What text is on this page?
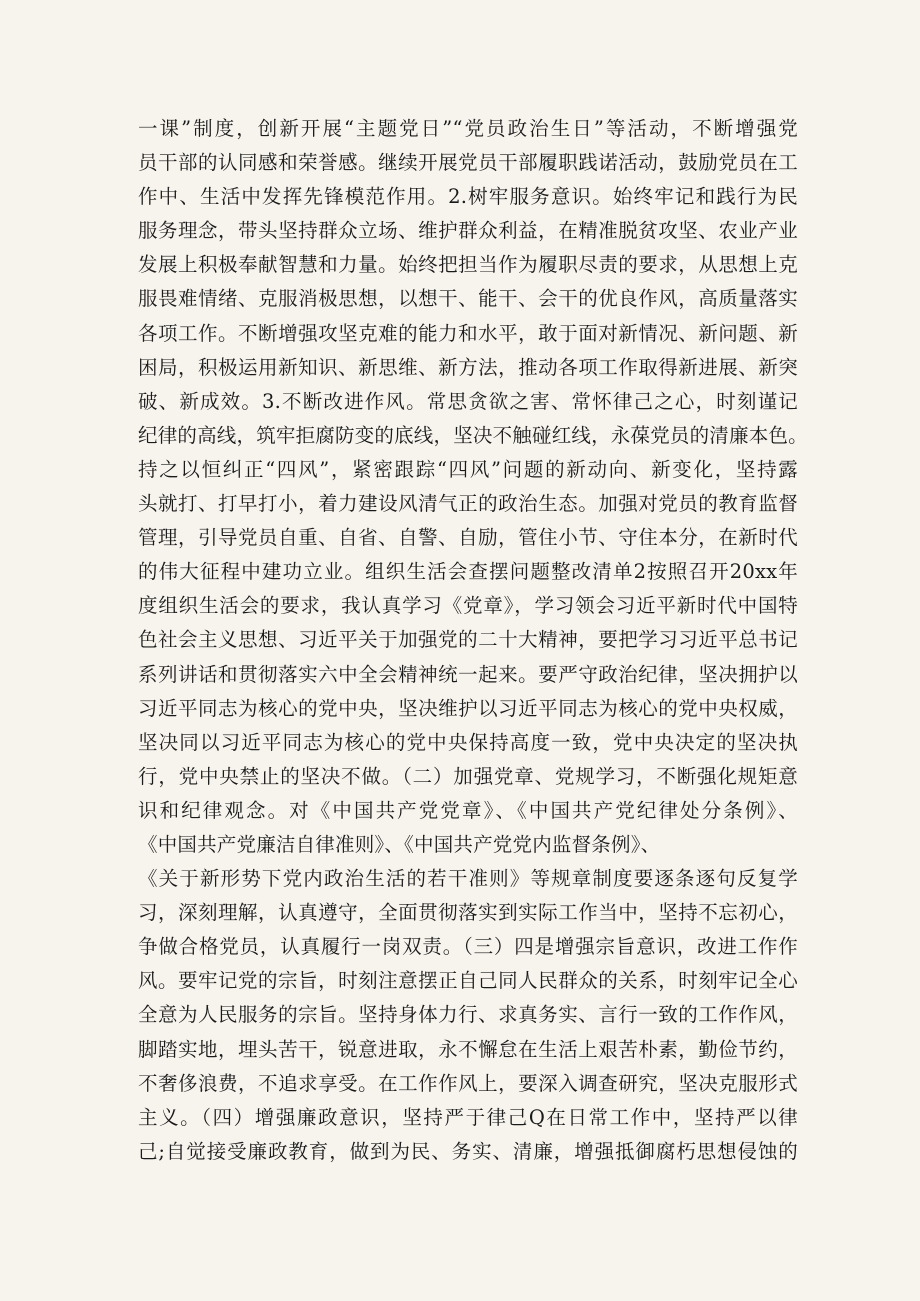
一课”制度，创新开展“主题党日”“党员政治生日”等活动，不断增强党
员干部的认同感和荣誉感。继续开展党员干部履职践诺活动，鼓励党员在工
作中、生活中发挥先锋模范作用。2.树牢服务意识。始终牢记和践行为民
服务理念，带头坚持群众立场、维护群众利益，在精准脱贫攻坚、农业产业
发展上积极奉献智慧和力量。始终把担当作为履职尽责的要求，从思想上克
服畏难情绪、克服消极思想，以想干、能干、会干的优良作风，高质量落实
各项工作。不断增强攻坚克难的能力和水平，敢于面对新情况、新问题、新
困局，积极运用新知识、新思维、新方法，推动各项工作取得新进展、新突
破、新成效。3.不断改进作风。常思贪欲之害、常怀律己之心，时刻谨记
纪律的高线，筑牢拒腐防变的底线，坚决不触碰红线，永葆党员的清廉本色。
持之以恒纠正“四风”，紧密跟踪“四风”问题的新动向、新变化，坚持露
头就打、打早打小，着力建设风清气正的政治生态。加强对党员的教育监督
管理，引导党员自重、自省、自警、自励，管住小节、守住本分，在新时代
的伟大征程中建功立业。组织生活会查摆问题整改清单2按照召开20xx年
度组织生活会的要求，我认真学习《党章》，学习领会习近平新时代中国特
色社会主义思想、习近平关于加强党的二十大精神，要把学习习近平总书记
系列讲话和贯彻落实六中全会精神统一起来。要严守政治纪律，坚决拥护以
习近平同志为核心的党中央，坚决维护以习近平同志为核心的党中央权威，
坚决同以习近平同志为核心的党中央保持高度一致，党中央决定的坚决执
行，党中央禁止的坚决不做。（二）加强党章、党规学习，不断强化规矩意
识和纪律观念。对《中国共产党党章》、《中国共产党纪律处分条例》、
《中国共产党廉洁自律准则》、《中国共产党党内监督条例》、
《关于新形势下党内政治生活的若干准则》等规章制度要逐条逐句反复学
习，深刻理解，认真遵守，全面贯彻落实到实际工作当中，坚持不忘初心，
争做合格党员，认真履行一岗双责。（三）四是增强宗旨意识，改进工作作
风。要牢记党的宗旨，时刻注意摆正自己同人民群众的关系，时刻牢记全心
全意为人民服务的宗旨。坚持身体力行、求真务实、言行一致的工作作风，
脚踏实地，埋头苦干，锐意进取，永不懈怠在生活上艰苦朴素，勤俭节约，
不奢侈浪费，不追求享受。在工作作风上，要深入调查研究，坚决克服形式
主义。（四）增强廉政意识，坚持严于律己Q在日常工作中，坚持严以律
己;自觉接受廉政教育，做到为民、务实、清廉，增强抵御腐朽思想侵蚀的
